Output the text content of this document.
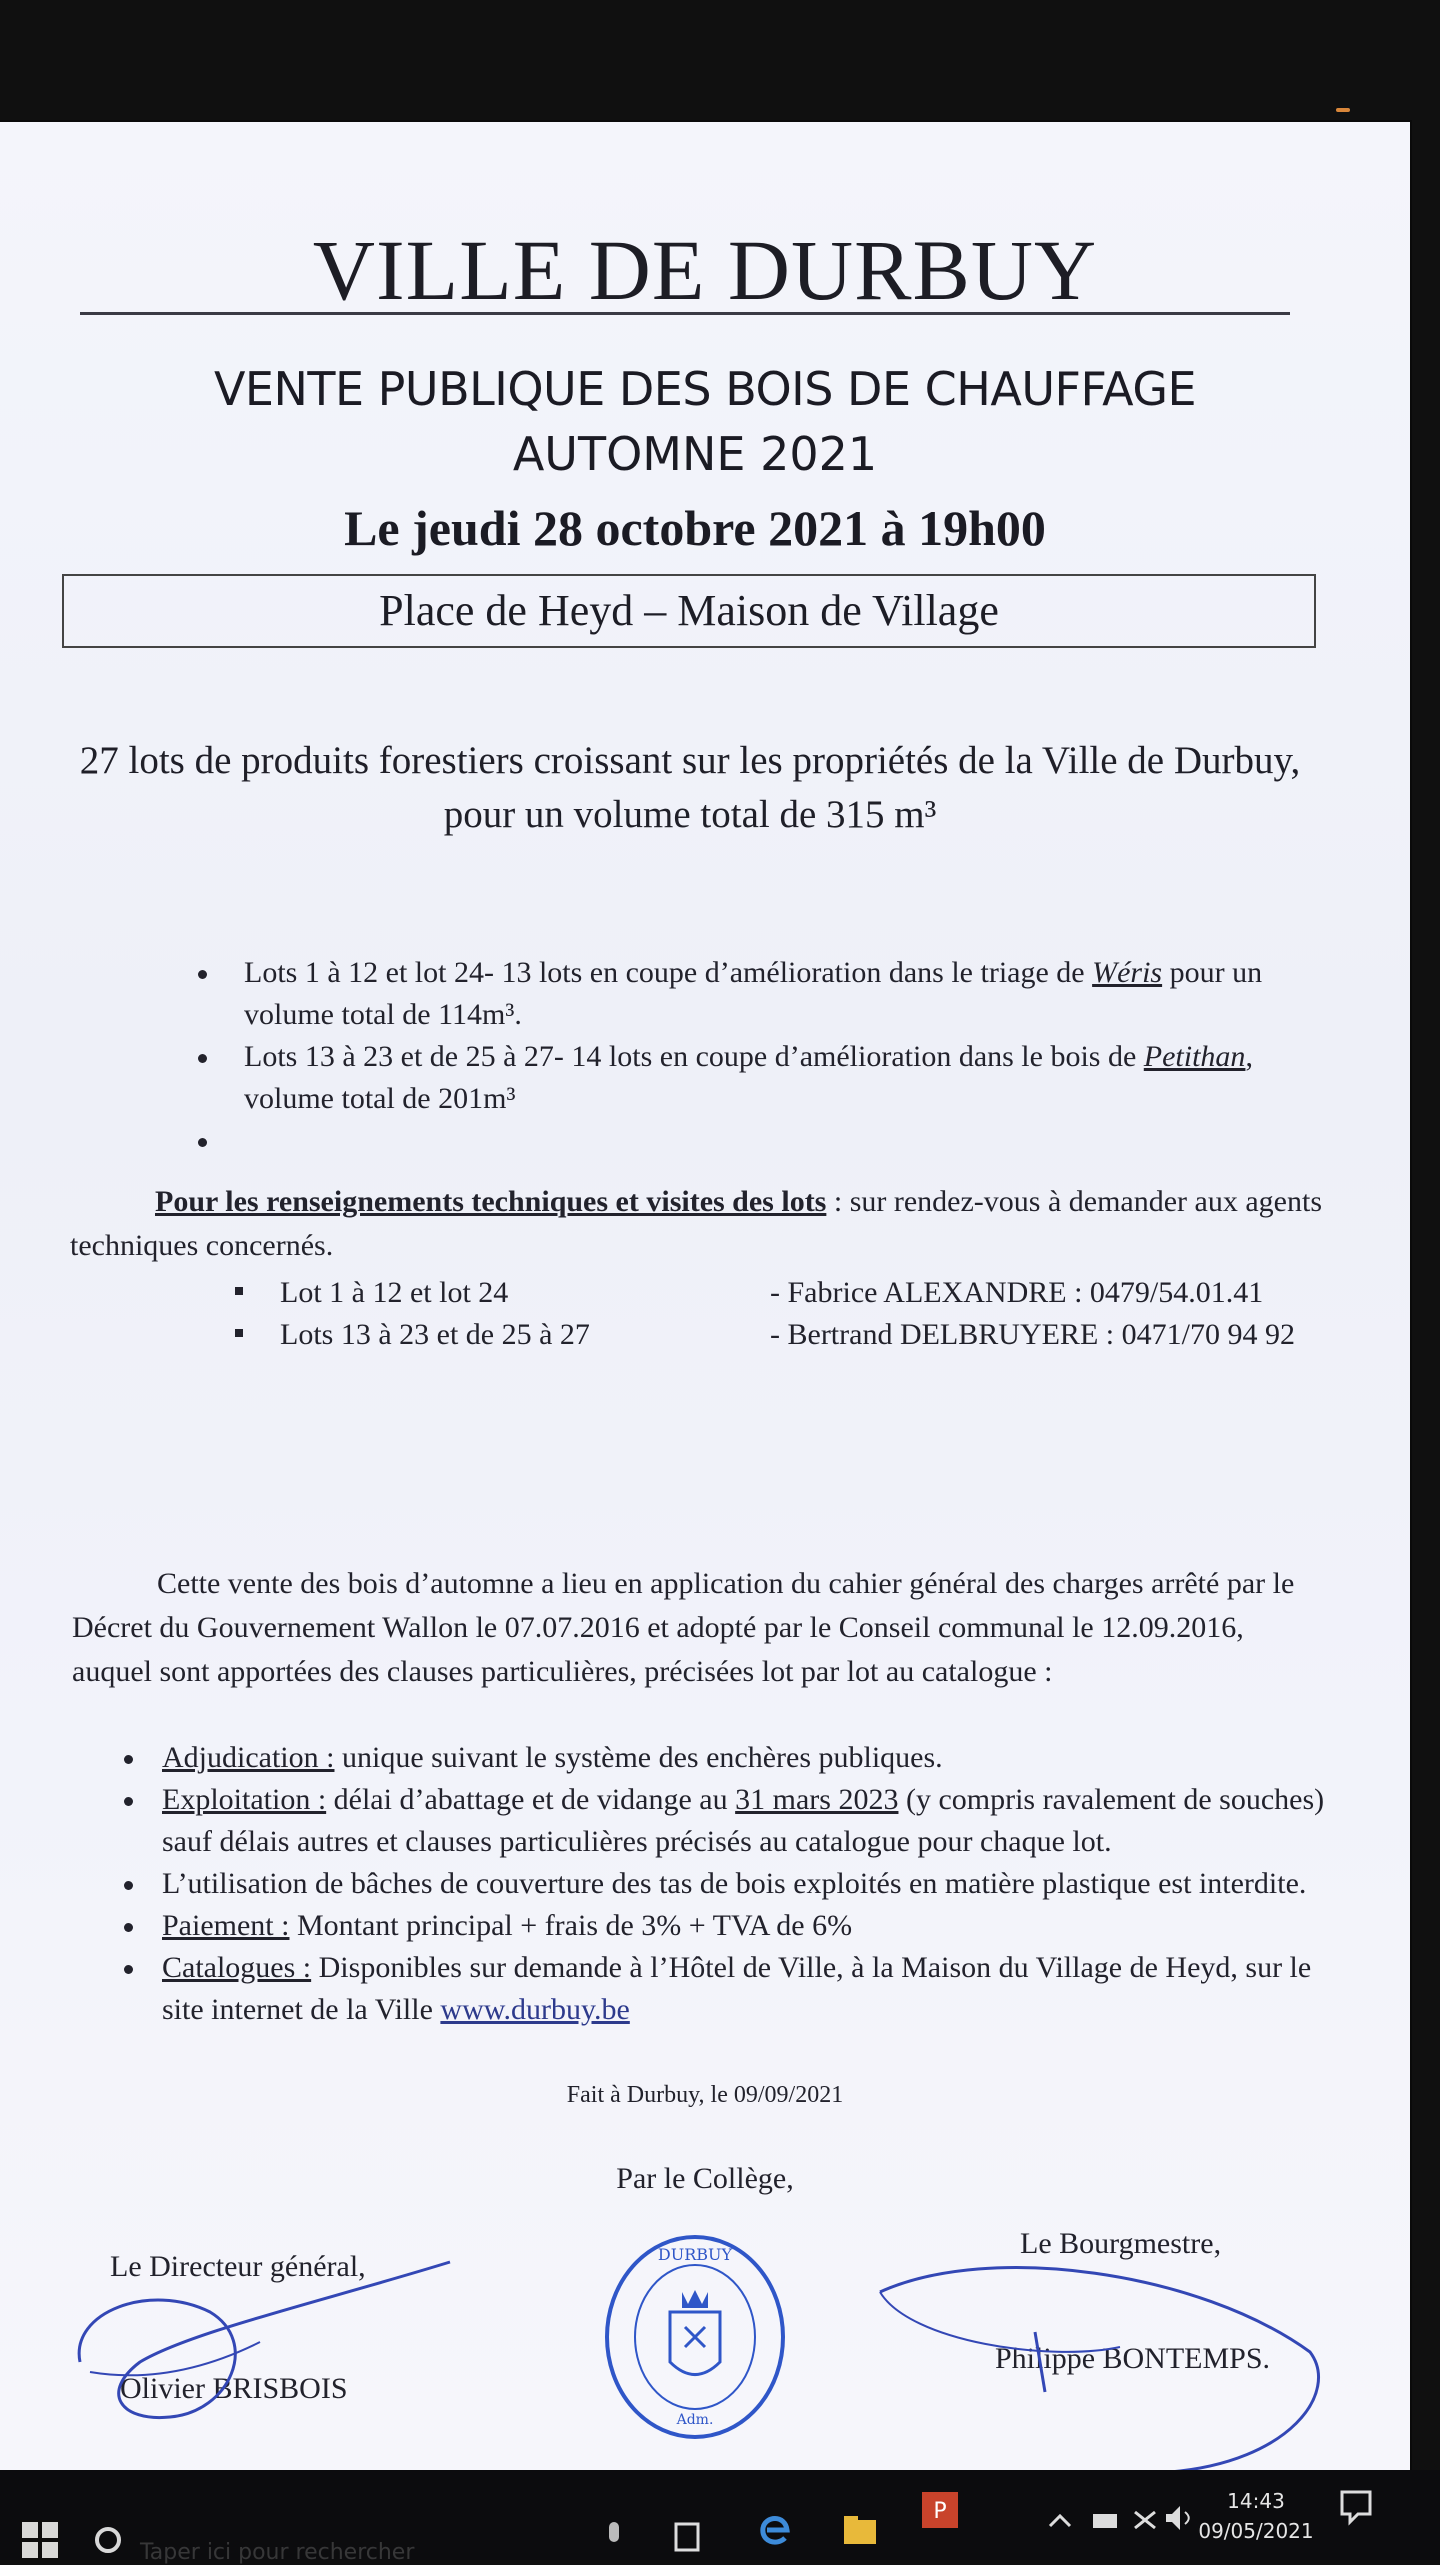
VILLE DE DURBUY
VENTE PUBLIQUE DES BOIS DE CHAUFFAGE
AUTOMNE 2021
Le jeudi 28 octobre 2021 à 19h00
Place de Heyd – Maison de Village
27 lots de produits forestiers croissant sur les propriétés de la Ville de Durbuy,
pour un volume total de 315 m³
Lots 1 à 12 et lot 24- 13 lots en coupe d’amélioration dans le triage de Wéris pour un volume total de 114m³.
Lots 13 à 23 et de 25 à 27- 14 lots en coupe d’amélioration dans le bois de Petithan, volume total de 201m³
Pour les renseignements techniques et visites des lots : sur rendez-vous à demander aux agents techniques concernés.
Lot 1 à 12 et lot 24	- Fabrice ALEXANDRE : 0479/54.01.41
Lots 13 à 23 et de 25 à 27	- Bertrand DELBRUYERE : 0471/70 94 92
Cette vente des bois d’automne a lieu en application du cahier général des charges arrêté par le Décret du Gouvernement Wallon le 07.07.2016 et adopté par le Conseil communal le 12.09.2016, auquel sont apportées des clauses particulières, précisées lot par lot au catalogue :
Adjudication : unique suivant le système des enchères publiques.
Exploitation : délai d’abattage et de vidange au 31 mars 2023 (y compris ravalement de souches) sauf délais autres et clauses particulières précisés au catalogue pour chaque lot.
L’utilisation de bâches de couverture des tas de bois exploités en matière plastique est interdite.
Paiement : Montant principal + frais de 3% + TVA de 6%
Catalogues : Disponibles sur demande à l’Hôtel de Ville, à la Maison du Village de Heyd, sur le site internet de la Ville www.durbuy.be
Fait à Durbuy, le 09/09/2021
Par le Collège,
Le Directeur général,
Olivier BRISBOIS
DURBUY
Adm.
Le Bourgmestre,
Philippe BONTEMPS.
P
Taper ici pour rechercher
14:43
09/05/2021
